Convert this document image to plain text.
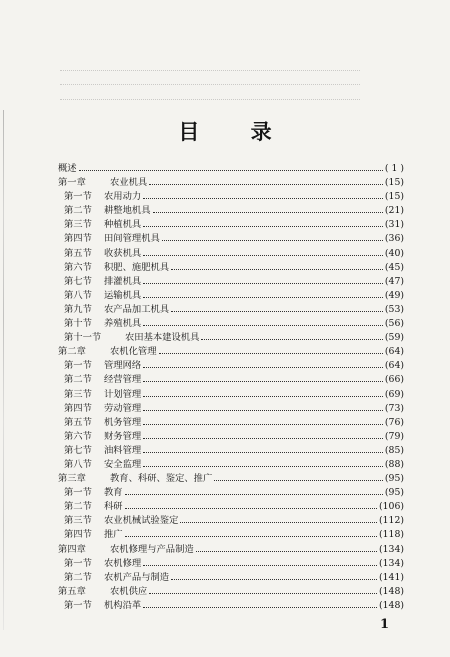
目 录
概述	( 1 )
第一章	农业机具	(15)
第一节	农用动力	(15)
第二节	耕整地机具	(21)
第三节	种植机具	(31)
第四节	田间管理机具	(36)
第五节	收获机具	(40)
第六节	积肥、施肥机具	(45)
第七节	排灌机具	(47)
第八节	运输机具	(49)
第九节	农产品加工机具	(53)
第十节	养殖机具	(56)
第十一节	农田基本建设机具	(59)
第二章	农机化管理	(64)
第一节	管理网络	(64)
第二节	经营管理	(66)
第三节	计划管理	(69)
第四节	劳动管理	(73)
第五节	机务管理	(76)
第六节	财务管理	(79)
第七节	油料管理	(85)
第八节	安全监理	(88)
第三章	教育、科研、鉴定、推广	(95)
第一节	教育	(95)
第二节	科研	(106)
第三节	农业机械试验鉴定	(112)
第四节	推广	(118)
第四章	农机修理与产品制造	(134)
第一节	农机修理	(134)
第二节	农机产品与制造	(141)
第五章	农机供应	(148)
第一节	机构沿革	(148)
1
